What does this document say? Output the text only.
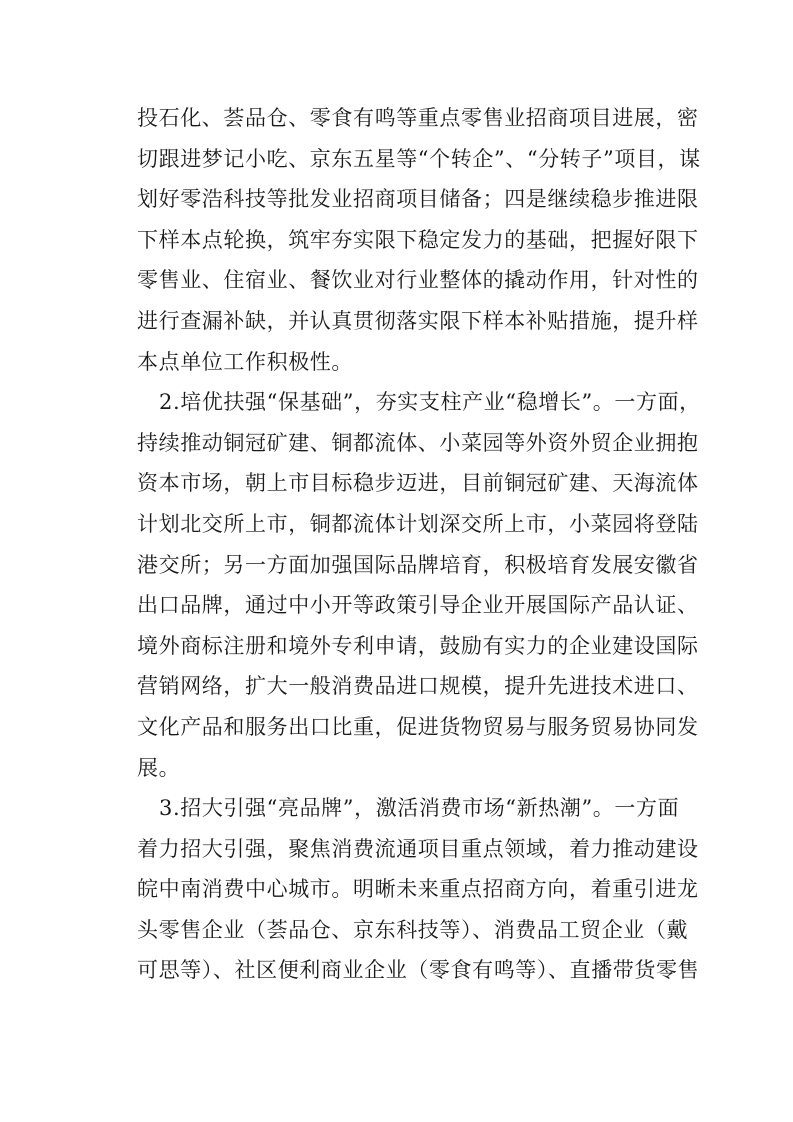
投石化、荟品仓、零食有鸣等重点零售业招商项目进展，密
切跟进梦记小吃、京东五星等“个转企”、“分转子”项目，谋
划好零浩科技等批发业招商项目储备；四是继续稳步推进限
下样本点轮换，筑牢夯实限下稳定发力的基础，把握好限下
零售业、住宿业、餐饮业对行业整体的撬动作用，针对性的
进行查漏补缺，并认真贯彻落实限下样本补贴措施，提升样
本点单位工作积极性。
2.培优扶强“保基础”，夯实支柱产业“稳增长”。一方面，
持续推动铜冠矿建、铜都流体、小菜园等外资外贸企业拥抱
资本市场，朝上市目标稳步迈进，目前铜冠矿建、天海流体
计划北交所上市，铜都流体计划深交所上市，小菜园将登陆
港交所；另一方面加强国际品牌培育，积极培育发展安徽省
出口品牌，通过中小开等政策引导企业开展国际产品认证、
境外商标注册和境外专利申请，鼓励有实力的企业建设国际
营销网络，扩大一般消费品进口规模，提升先进技术进口、
文化产品和服务出口比重，促进货物贸易与服务贸易协同发
展。
3.招大引强“亮品牌”，激活消费市场“新热潮”。一方面
着力招大引强，聚焦消费流通项目重点领域，着力推动建设
皖中南消费中心城市。明晰未来重点招商方向，着重引进龙
头零售企业（荟品仓、京东科技等）、消费品工贸企业（戴
可思等）、社区便利商业企业（零食有鸣等）、直播带货零售
